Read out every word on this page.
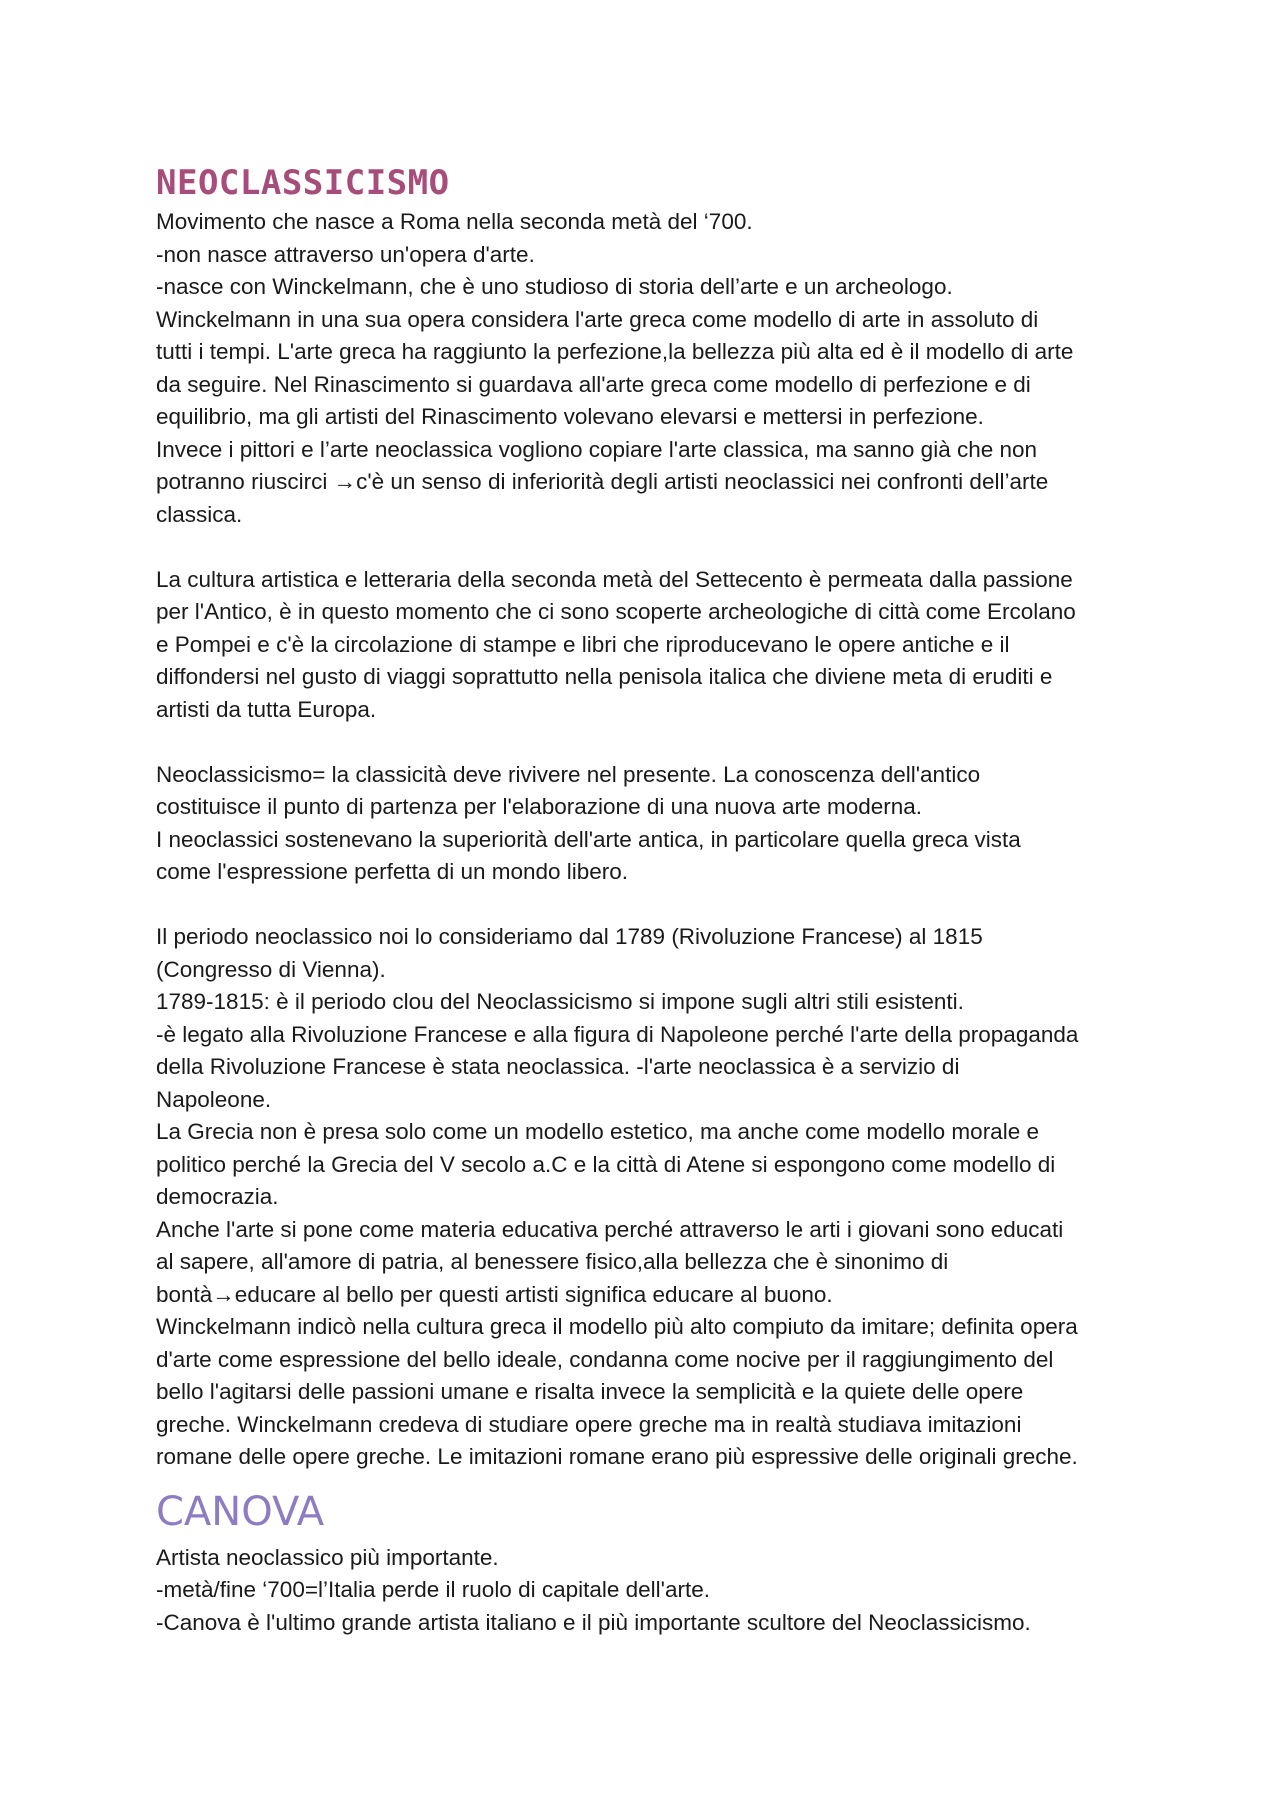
NEOCLASSICISMO
Movimento che nasce a Roma nella seconda metà del ‘700.
-non nasce attraverso un'opera d'arte.
-nasce con Winckelmann, che è uno studioso di storia dell’arte e un archeologo.
Winckelmann in una sua opera considera l'arte greca come modello di arte in assoluto di
tutti i tempi. L'arte greca ha raggiunto la perfezione,la bellezza più alta ed è il modello di arte
da seguire. Nel Rinascimento si guardava all'arte greca come modello di perfezione e di
equilibrio, ma gli artisti del Rinascimento volevano elevarsi e mettersi in perfezione.
Invece i pittori e l’arte neoclassica vogliono copiare l'arte classica, ma sanno già che non
potranno riuscirci →c'è un senso di inferiorità degli artisti neoclassici nei confronti dell’arte
classica.
La cultura artistica e letteraria della seconda metà del Settecento è permeata dalla passione
per l'Antico, è in questo momento che ci sono scoperte archeologiche di città come Ercolano
e Pompei e c'è la circolazione di stampe e libri che riproducevano le opere antiche e il
diffondersi nel gusto di viaggi soprattutto nella penisola italica che diviene meta di eruditi e
artisti da tutta Europa.
Neoclassicismo= la classicità deve rivivere nel presente. La conoscenza dell'antico
costituisce il punto di partenza per l'elaborazione di una nuova arte moderna.
I neoclassici sostenevano la superiorità dell'arte antica, in particolare quella greca vista
come l'espressione perfetta di un mondo libero.
Il periodo neoclassico noi lo consideriamo dal 1789 (Rivoluzione Francese) al 1815
(Congresso di Vienna).
1789-1815: è il periodo clou del Neoclassicismo si impone sugli altri stili esistenti.
-è legato alla Rivoluzione Francese e alla figura di Napoleone perché l'arte della propaganda
della Rivoluzione Francese è stata neoclassica. -l'arte neoclassica è a servizio di
Napoleone.
La Grecia non è presa solo come un modello estetico, ma anche come modello morale e
politico perché la Grecia del V secolo a.C e la città di Atene si espongono come modello di
democrazia.
Anche l'arte si pone come materia educativa perché attraverso le arti i giovani sono educati
al sapere, all'amore di patria, al benessere fisico,alla bellezza che è sinonimo di
bontà→educare al bello per questi artisti significa educare al buono.
Winckelmann indicò nella cultura greca il modello più alto compiuto da imitare; definita opera
d'arte come espressione del bello ideale, condanna come nocive per il raggiungimento del
bello l'agitarsi delle passioni umane e risalta invece la semplicità e la quiete delle opere
greche. Winckelmann credeva di studiare opere greche ma in realtà studiava imitazioni
romane delle opere greche. Le imitazioni romane erano più espressive delle originali greche.
CANOVA
Artista neoclassico più importante.
-metà/fine ‘700=l’Italia perde il ruolo di capitale dell'arte.
-Canova è l'ultimo grande artista italiano e il più importante scultore del Neoclassicismo.
